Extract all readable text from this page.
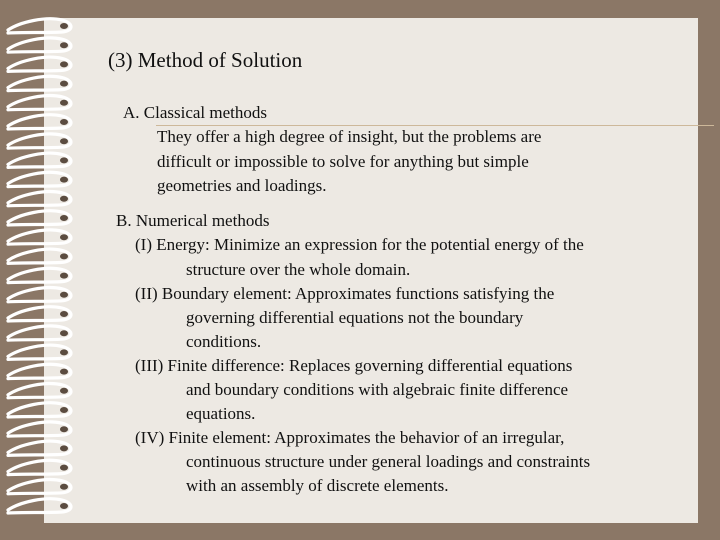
(3) Method of Solution
A. Classical methods
They offer a high degree of insight, but the problems are
difficult or impossible to solve for anything but simple
geometries and loadings.
B. Numerical methods
(I) Energy: Minimize an expression for the potential energy of the
structure over the whole domain.
(II) Boundary element: Approximates functions satisfying the
governing differential equations not the boundary
conditions.
(III) Finite difference: Replaces governing differential equations
and boundary conditions with algebraic finite difference
equations.
(IV) Finite element: Approximates the behavior of an irregular,
continuous structure under general loadings and constraints
with an assembly of discrete elements.
